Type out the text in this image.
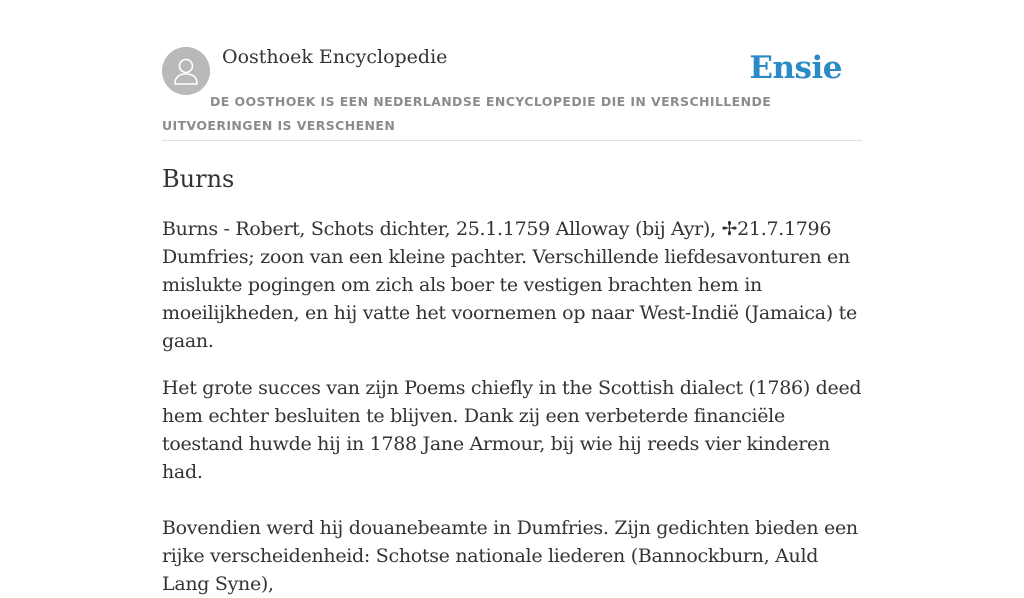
Oosthoek Encyclopedie	Ensie
DE OOSTHOEK IS EEN NEDERLANDSE ENCYCLOPEDIE DIE IN VERSCHILLENDE UITVOERINGEN IS VERSCHENEN
Burns

Burns - Robert, Schots dichter, 25.1.1759 Alloway (bij Ayr), ✢21.7.1796 Dumfries; zoon van een kleine pachter. Verschillende liefdesavonturen en mislukte pogingen om zich als boer te vestigen brachten hem in moeilijkheden, en hij vatte het voornemen op naar West-Indië (Jamaica) te gaan.

Het grote succes van zijn Poems chiefly in the Scottish dialect (1786) deed hem echter besluiten te blijven. Dank zij een verbeterde financiële toestand huwde hij in 1788 Jane Armour, bij wie hij reeds vier kinderen had.

Bovendien werd hij douanebeamte in Dumfries. Zijn gedichten bieden een rijke verscheidenheid: Schotse nationale liederen (Bannockburn, Auld Lang Syne),
